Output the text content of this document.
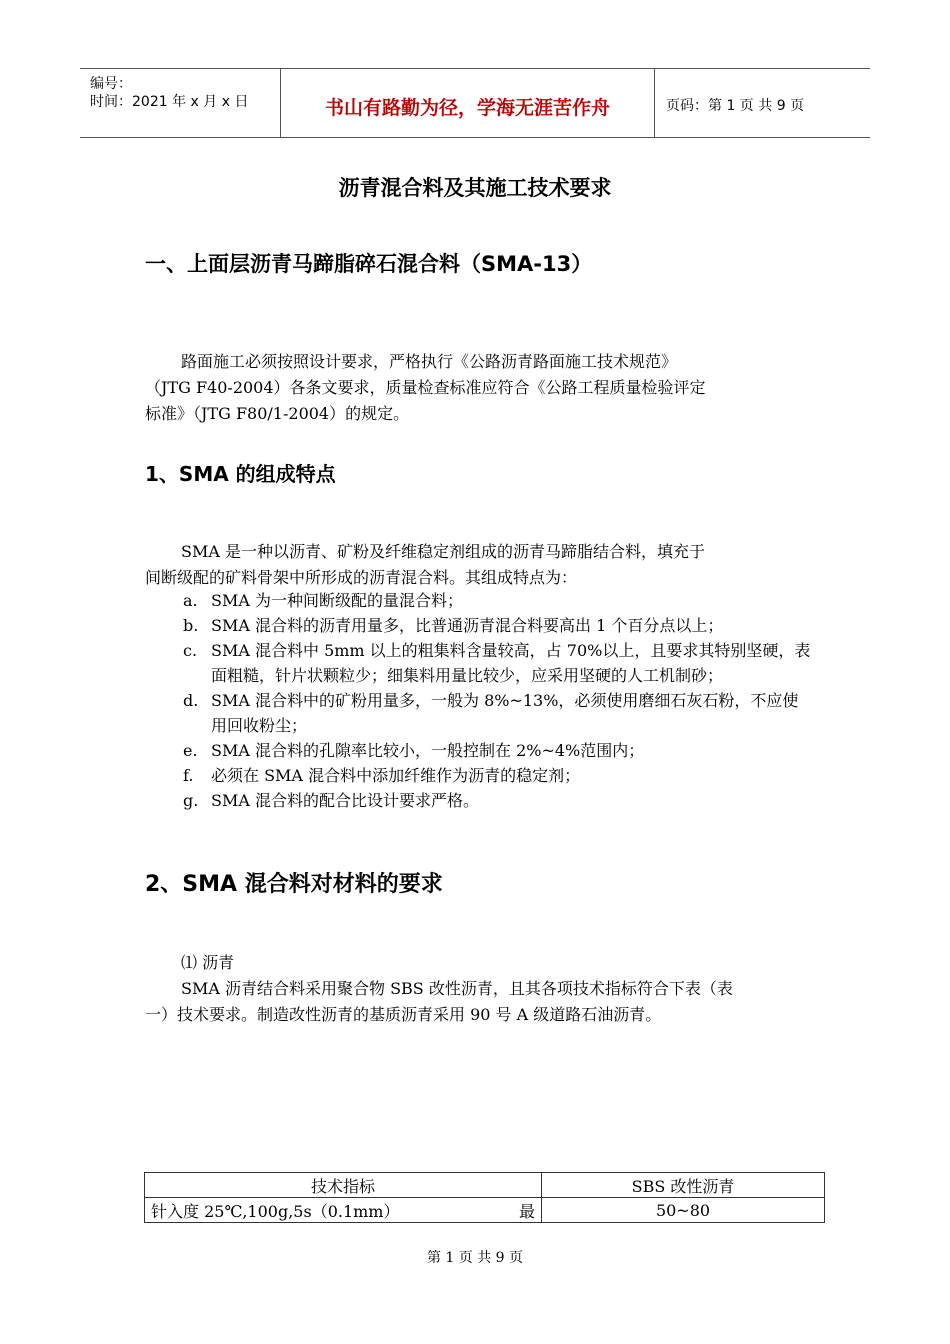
编号：
时间：2021 年 x 月 x 日	书山有路勤为径，学海无涯苦作舟	页码：第 1 页 共 9 页
沥青混合料及其施工技术要求
一、上面层沥青马蹄脂碎石混合料（SMA-13）
路面施工必须按照设计要求，严格执行《公路沥青路面施工技术规范》
（JTG F40-2004）各条文要求，质量检查标准应符合《公路工程质量检验评定
标准》（JTG F80/1-2004）的规定。
1、SMA 的组成特点
SMA 是一种以沥青、矿粉及纤维稳定剂组成的沥青马蹄脂结合料，填充于
间断级配的矿料骨架中所形成的沥青混合料。其组成特点为：
a. SMA 为一种间断级配的量混合料；
b. SMA 混合料的沥青用量多，比普通沥青混合料要高出 1 个百分点以上；
c. SMA 混合料中 5mm 以上的粗集料含量较高，占 70%以上，且要求其特别坚硬，表面粗糙，针片状颗粒少；细集料用量比较少，应采用坚硬的人工机制砂；
d. SMA 混合料中的矿粉用量多，一般为 8%~13%，必须使用磨细石灰石粉，不应使用回收粉尘；
e. SMA 混合料的孔隙率比较小，一般控制在 2%~4%范围内；
f.	必须在 SMA 混合料中添加纤维作为沥青的稳定剂；
g. SMA 混合料的配合比设计要求严格。
2、SMA 混合料对材料的要求
⑴ 沥青
SMA 沥青结合料采用聚合物 SBS 改性沥青，且其各项技术指标符合下表（表
一）技术要求。制造改性沥青的基质沥青采用 90 号 A 级道路石油沥青。
技术指标	SBS 改性沥青

针入度 25℃,100g,5s（0.1mm） 最	50~80
第 1 页 共 9 页
